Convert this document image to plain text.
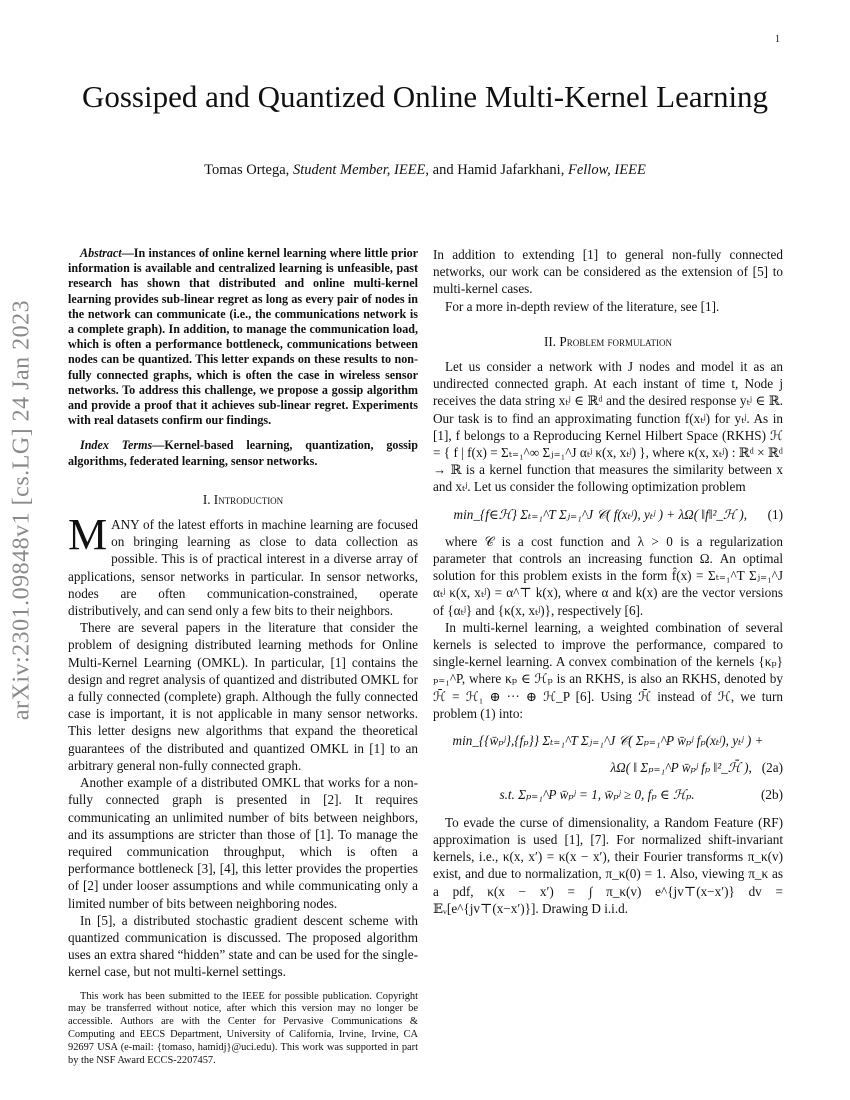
1
arXiv:2301.09848v1 [cs.LG] 24 Jan 2023
Gossiped and Quantized Online Multi-Kernel Learning
Tomas Ortega, Student Member, IEEE, and Hamid Jafarkhani, Fellow, IEEE
Abstract—In instances of online kernel learning where little prior information is available and centralized learning is unfeasible, past research has shown that distributed and online multi-kernel learning provides sub-linear regret as long as every pair of nodes in the network can communicate (i.e., the communications network is a complete graph). In addition, to manage the communication load, which is often a performance bottleneck, communications between nodes can be quantized. This letter expands on these results to non-fully connected graphs, which is often the case in wireless sensor networks. To address this challenge, we propose a gossip algorithm and provide a proof that it achieves sub-linear regret. Experiments with real datasets confirm our findings.
Index Terms—Kernel-based learning, quantization, gossip algorithms, federated learning, sensor networks.
I. Introduction

MANY of the latest efforts in machine learning are focused on bringing learning as close to data collection as possible. This is of practical interest in a diverse array of applications, sensor networks in particular. In sensor networks, nodes are often communication-constrained, operate distributively, and can send only a few bits to their neighbors.

There are several papers in the literature that consider the problem of designing distributed learning methods for Online Multi-Kernel Learning (OMKL). In particular, [1] contains the design and regret analysis of quantized and distributed OMKL for a fully connected (complete) graph. Although the fully connected case is important, it is not applicable in many sensor networks. This letter designs new algorithms that expand the theoretical guarantees of the distributed and quantized OMKL in [1] to an arbitrary general non-fully connected graph.

Another example of a distributed OMKL that works for a non-fully connected graph is presented in [2]. It requires communicating an unlimited number of bits between neighbors, and its assumptions are stricter than those of [1]. To manage the required communication throughput, which is often a performance bottleneck [3], [4], this letter provides the properties of [2] under looser assumptions and while communicating only a limited number of bits between neighboring nodes.

In [5], a distributed stochastic gradient descent scheme with quantized communication is discussed. The proposed algorithm uses an extra shared “hidden” state and can be used for the single-kernel case, but not multi-kernel settings.

This work has been submitted to the IEEE for possible publication. Copyright may be transferred without notice, after which this version may no longer be accessible. Authors are with the Center for Pervasive Communications & Computing and EECS Department, University of California, Irvine, Irvine, CA 92697 USA (e-mail: {tomaso, hamidj}@uci.edu). This work was supported in part by the NSF Award ECCS-2207457.

In addition to extending [1] to general non-fully connected networks, our work can be considered as the extension of [5] to multi-kernel cases.

For a more in-depth review of the literature, see [1].

II. Problem formulation

Let us consider a network with J nodes and model it as an undirected connected graph. At each instant of time t, Node j receives the data string xₜʲ ∈ ℝᵈ and the desired response yₜʲ ∈ ℝ. Our task is to find an approximating function f(xₜʲ) for yₜʲ. As in [1], f belongs to a Reproducing Kernel Hilbert Space (RKHS) ℋ = { f | f(x) = Σₜ₌₁^∞ Σⱼ₌₁^J αₜʲ κ(x, xₜʲ) }, where κ(x, xₜʲ) : ℝᵈ × ℝᵈ → ℝ is a kernel function that measures the similarity between x and xₜʲ. Let us consider the following optimization problem

min_{f∈ℋ} Σₜ₌₁^T Σⱼ₌₁^J 𝒞( f(xₜʲ), yₜʲ ) + λΩ( ‖f‖²_ℋ ),	(1)

where 𝒞 is a cost function and λ > 0 is a regularization parameter that controls an increasing function Ω. An optimal solution for this problem exists in the form f̂(x) = Σₜ₌₁^T Σⱼ₌₁^J αₜʲ κ(x, xₜʲ) = α^⊤ k(x), where α and k(x) are the vector versions of {αₜʲ} and {κ(x, xₜʲ)}, respectively [6].

In multi-kernel learning, a weighted combination of several kernels is selected to improve the performance, compared to single-kernel learning. A convex combination of the kernels {κₚ}ₚ₌₁^P, where κₚ ∈ ℋₚ is an RKHS, is also an RKHS, denoted by ℋ̄ = ℋ₁ ⊕ ··· ⊕ ℋ_P [6]. Using ℋ̄ instead of ℋ, we turn problem (1) into:

min_{{w̄ₚʲ},{fₚ}} Σₜ₌₁^T Σⱼ₌₁^J 𝒞( Σₚ₌₁^P w̄ₚʲ fₚ(xₜʲ), yₜʲ ) +
λΩ( ‖ Σₚ₌₁^P w̄ₚʲ fₚ ‖²_ℋ̄ ), (2a)
s.t. Σₚ₌₁^P w̄ₚʲ = 1, w̄ₚʲ ≥ 0, fₚ ∈ ℋₚ.	(2b)

To evade the curse of dimensionality, a Random Feature (RF) approximation is used [1], [7]. For normalized shift-invariant kernels, i.e., κ(x, x′) = κ(x − x′), their Fourier transforms π_κ(v) exist, and due to normalization, π_κ(0) = 1. Also, viewing π_κ as a pdf, κ(x − x′) = ∫ π_κ(v) e^{jv⊤(x−x′)} dv = 𝔼ᵥ[e^{jv⊤(x−x′)}]. Drawing D i.i.d.
